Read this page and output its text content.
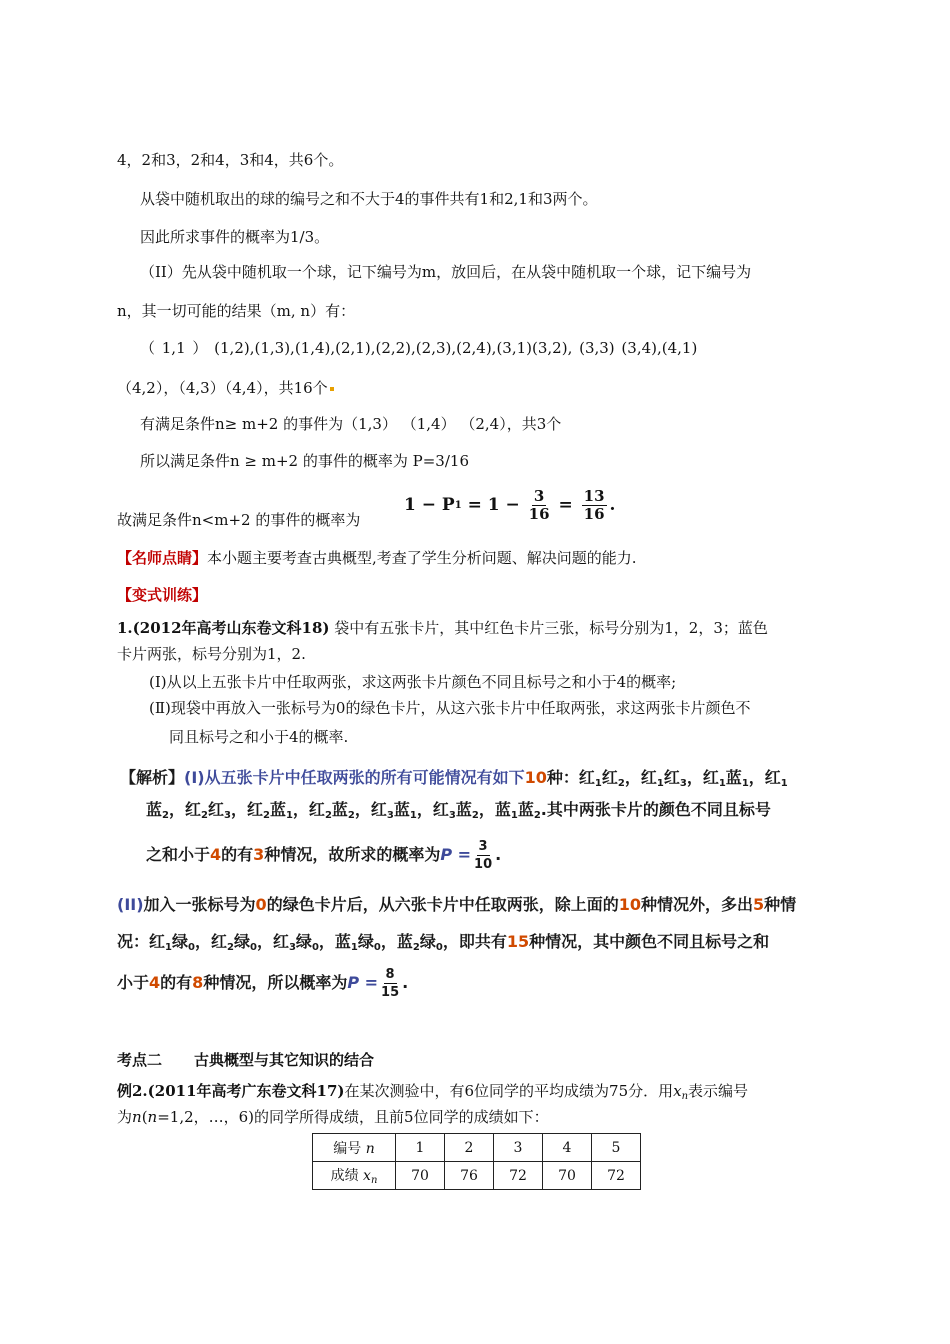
4，2和3，2和4，3和4，共6个。
从袋中随机取出的球的编号之和不大于4的事件共有1和2,1和3两个。
因此所求事件的概率为1/3。
（II）先从袋中随机取一个球，记下编号为m，放回后，在从袋中随机取一个球，记下编号为
n，其一切可能的结果（m, n）有：
（ 1,1 ） (1,2),(1,3),(1,4),(2,1),(2,2),(2,3),(2,4),(3,1)(3,2), (3,3) (3,4),(4,1)
（4,2），（4,3）（4,4），共16个
有满足条件n≥ m+2 的事件为（1,3） （1,4） （2,4），共3个
所以满足条件n ≥ m+2 的事件的概率为 P=3/16
故满足条件n<m+2 的事件的概率为
1 − P $1 = 1 - \frac{3}{16} = \frac{13}{16}$ .
【名师点睛】本小题主要考查古典概型,考查了学生分析问题、解决问题的能力.
【变式训练】
1.(2012年高考山东卷文科18) 袋中有五张卡片，其中红色卡片三张，标号分别为1，2，3；蓝色
卡片两张，标号分别为1，2.
(Ⅰ)从以上五张卡片中任取两张，求这两张卡片颜色不同且标号之和小于4的概率;
(Ⅱ)现袋中再放入一张标号为0的绿色卡片，从这六张卡片中任取两张，求这两张卡片颜色不
同且标号之和小于4的概率.
【解析】(I)从五张卡片中任取两张的所有可能情况有如下10种：红$_1$红$_2$，红$_1$红$_3$，红$_1$蓝$_1$，红$_1$
蓝$_2$，红$_2$红$_3$，红$_2$蓝$_1$，红$_2$蓝$_2$，红$_3$蓝$_1$，红$_3$蓝$_2$，蓝$_1$蓝$_2$.其中两张卡片的颜色不同且标号
之和小于 4 的有 3 种情况，故所求的概率为 $P = \frac{3}{10}$ .
(II)加入一张标号为0的绿色卡片后，从六张卡片中任取两张，除上面的10种情况外，多出5种情
况：红$_1$绿$_0$，红$_2$绿$_0$，红$_3$绿$_0$，蓝$_1$绿$_0$，蓝$_2$绿$_0$，即共有15种情况，其中颜色不同且标号之和
小于 4 的有 8 种情况，所以概率为 $P = \frac{8}{15}$ .
考点二 古典概型与其它知识的结合
例2.(2011年高考广东卷文科17)在某次测验中，有6位同学的平均成绩为75分．用$x_n$表示编号
为n(n=1,2，…，6)的同学所得成绩，且前5位同学的成绩如下：
编号 n	1	2	3	4	5
成绩 $x_n$	70	76	72	70	72
